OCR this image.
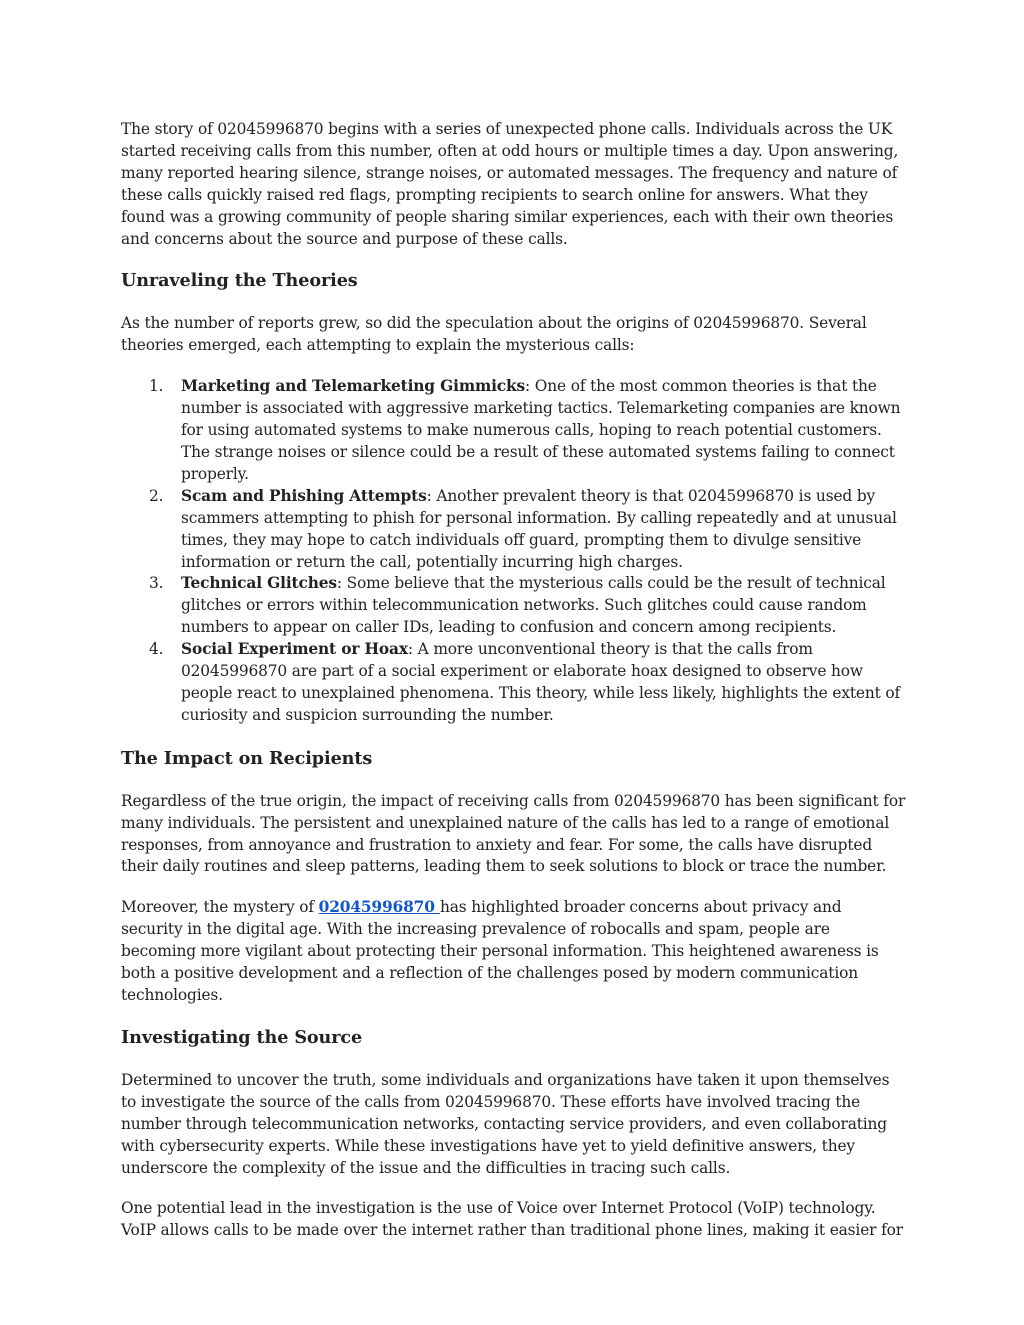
The story of 02045996870 begins with a series of unexpected phone calls. Individuals across the UK started receiving calls from this number, often at odd hours or multiple times a day. Upon answering, many reported hearing silence, strange noises, or automated messages. The frequency and nature of these calls quickly raised red flags, prompting recipients to search online for answers. What they found was a growing community of people sharing similar experiences, each with their own theories and concerns about the source and purpose of these calls.

Unraveling the Theories

As the number of reports grew, so did the speculation about the origins of 02045996870. Several theories emerged, each attempting to explain the mysterious calls:

1. Marketing and Telemarketing Gimmicks: One of the most common theories is that the number is associated with aggressive marketing tactics. Telemarketing companies are known for using automated systems to make numerous calls, hoping to reach potential customers. The strange noises or silence could be a result of these automated systems failing to connect properly.
2. Scam and Phishing Attempts: Another prevalent theory is that 02045996870 is used by scammers attempting to phish for personal information. By calling repeatedly and at unusual times, they may hope to catch individuals off guard, prompting them to divulge sensitive information or return the call, potentially incurring high charges.
3. Technical Glitches: Some believe that the mysterious calls could be the result of technical glitches or errors within telecommunication networks. Such glitches could cause random numbers to appear on caller IDs, leading to confusion and concern among recipients.
4. Social Experiment or Hoax: A more unconventional theory is that the calls from 02045996870 are part of a social experiment or elaborate hoax designed to observe how people react to unexplained phenomena. This theory, while less likely, highlights the extent of curiosity and suspicion surrounding the number.
The Impact on Recipients

Regardless of the true origin, the impact of receiving calls from 02045996870 has been significant for many individuals. The persistent and unexplained nature of the calls has led to a range of emotional responses, from annoyance and frustration to anxiety and fear. For some, the calls have disrupted their daily routines and sleep patterns, leading them to seek solutions to block or trace the number.

Moreover, the mystery of 02045996870 has highlighted broader concerns about privacy and security in the digital age. With the increasing prevalence of robocalls and spam, people are becoming more vigilant about protecting their personal information. This heightened awareness is both a positive development and a reflection of the challenges posed by modern communication technologies.

Investigating the Source

Determined to uncover the truth, some individuals and organizations have taken it upon themselves to investigate the source of the calls from 02045996870. These efforts have involved tracing the number through telecommunication networks, contacting service providers, and even collaborating with cybersecurity experts. While these investigations have yet to yield definitive answers, they underscore the complexity of the issue and the difficulties in tracing such calls.

One potential lead in the investigation is the use of Voice over Internet Protocol (VoIP) technology. VoIP allows calls to be made over the internet rather than traditional phone lines, making it easier for
